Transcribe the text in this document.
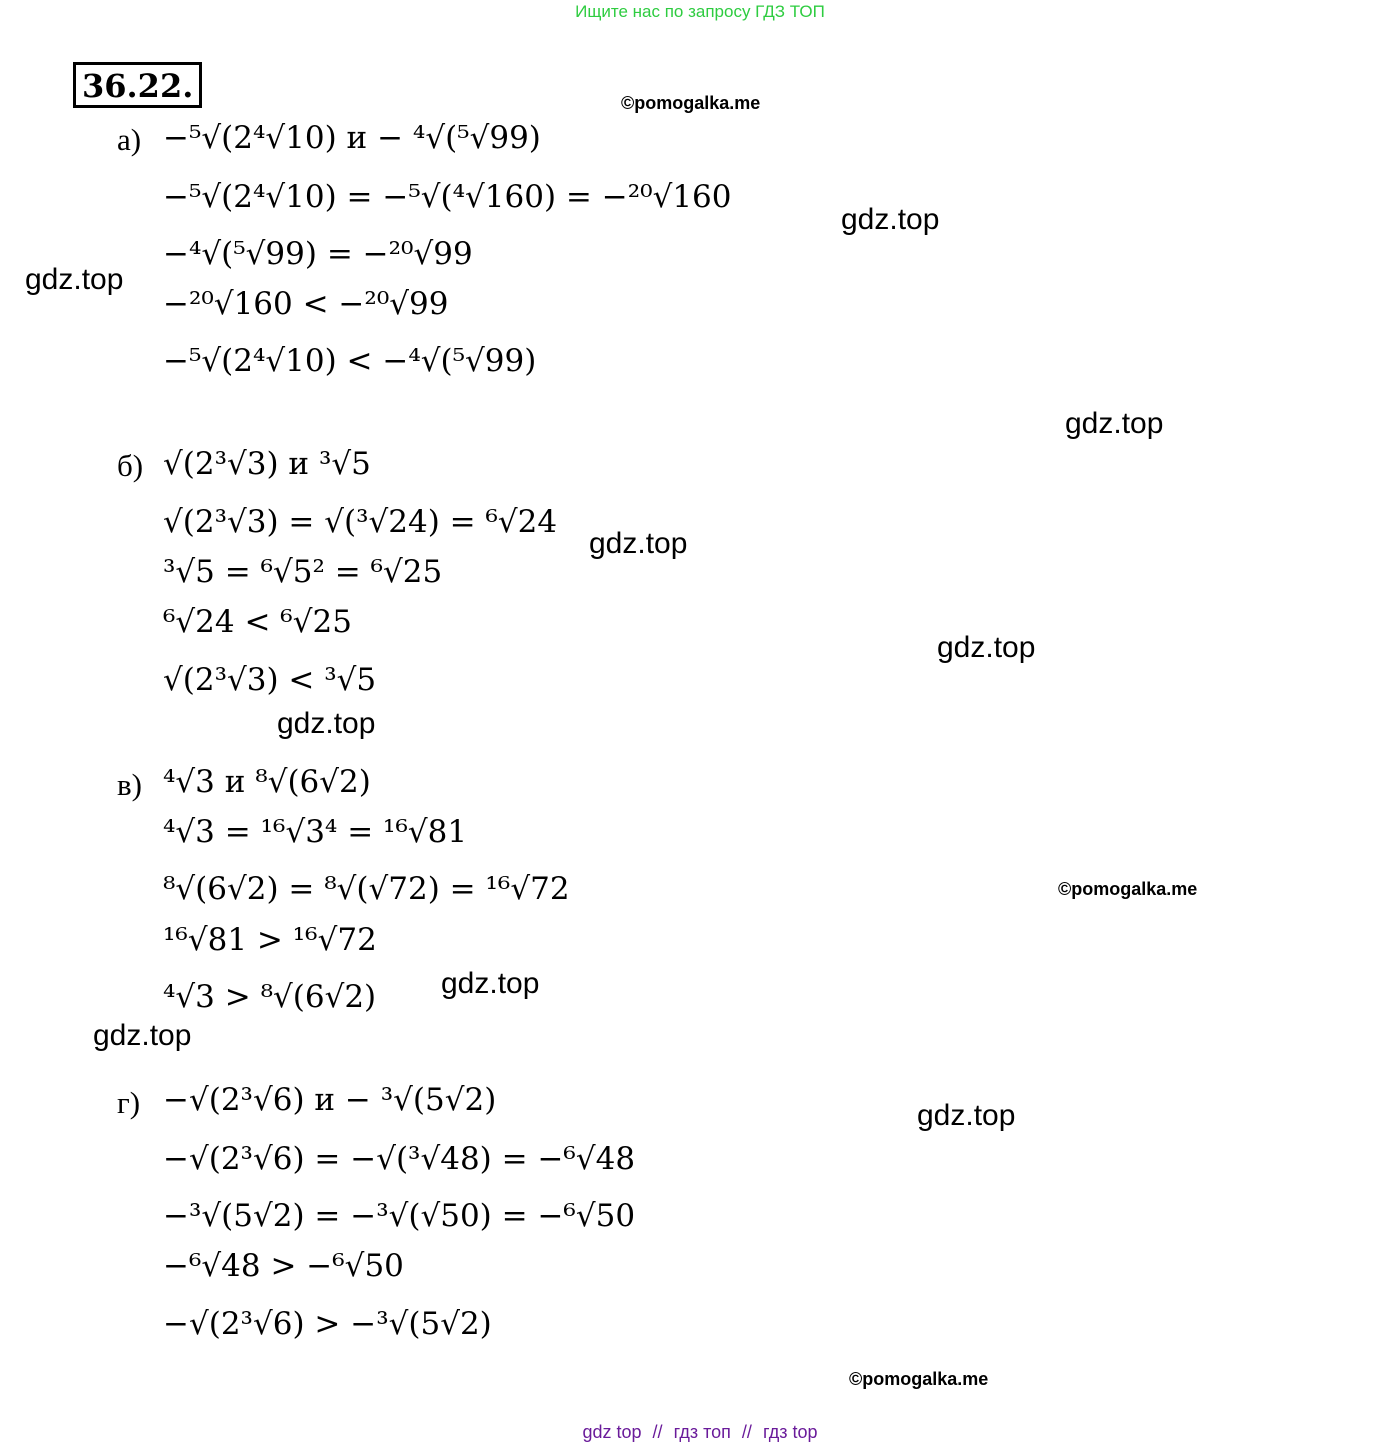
Ищите нас по запросу ГДЗ ТОП
36.22.	©pomogalka.me
©pomogalka.me
©pomogalka.me
gdz.top
gdz.top
gdz.top
gdz.top
gdz.top
gdz.top
gdz.top
gdz.top
gdz.top
а) −⁵√(2⁴√10) и − ⁴√(⁵√99)
−⁵√(2⁴√10) = −⁵√(⁴√160) = −²⁰√160
−⁴√(⁵√99) = −²⁰√99
−²⁰√160 < −²⁰√99
−⁵√(2⁴√10) < −⁴√(⁵√99)
б) √(2³√3) и ³√5
√(2³√3) = √(³√24) = ⁶√24
³√5 = ⁶√5² = ⁶√25
⁶√24 < ⁶√25
√(2³√3) < ³√5
в) ⁴√3 и ⁸√(6√2)
⁴√3 = ¹⁶√3⁴ = ¹⁶√81
⁸√(6√2) = ⁸√(√72) = ¹⁶√72
¹⁶√81 > ¹⁶√72
⁴√3 > ⁸√(6√2)
г) −√(2³√6) и − ³√(5√2)
−√(2³√6) = −√(³√48) = −⁶√48
−³√(5√2) = −³√(√50) = −⁶√50
−⁶√48 > −⁶√50
−√(2³√6) > −³√(5√2)
gdz top // гдз топ // гдз top
